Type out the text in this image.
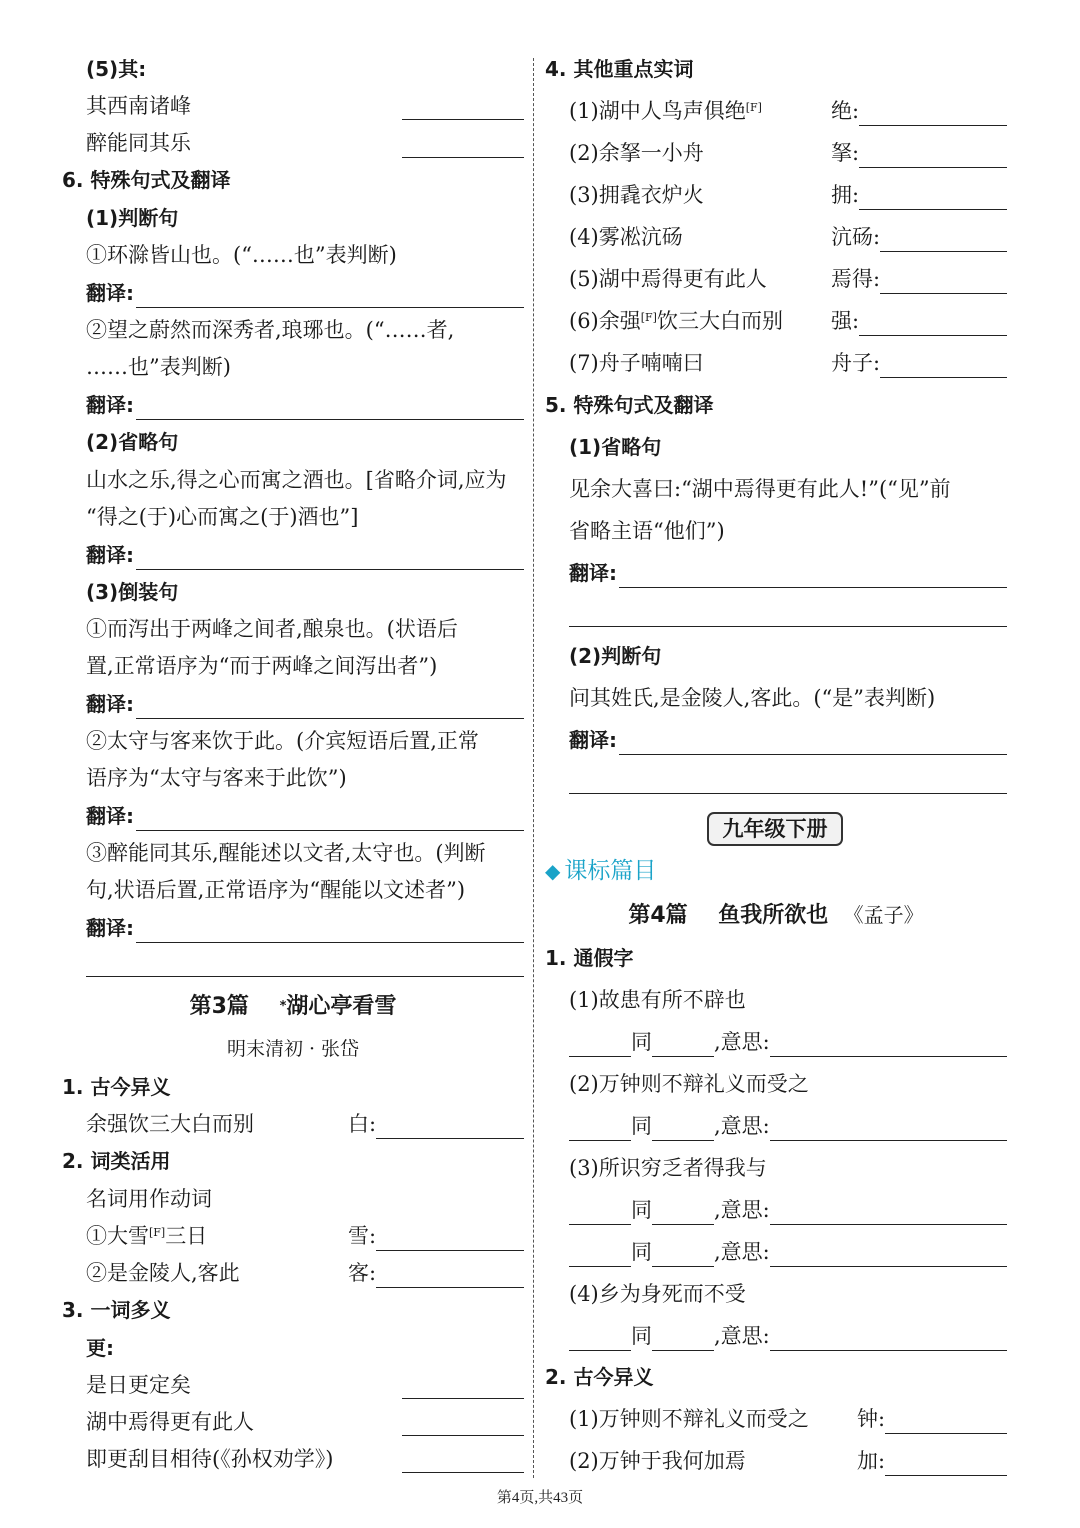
(5)其:
其西南诸峰
醉能同其乐
6. 特殊句式及翻译
(1)判断句
①环滁皆山也。(“……也”表判断)
翻译:
②望之蔚然而深秀者,琅琊也。(“……者,
……也”表判断)
翻译:
(2)省略句
山水之乐,得之心而寓之酒也。[省略介词,应为
“得之(于)心而寓之(于)酒也”]
翻译:
(3)倒装句
①而泻出于两峰之间者,酿泉也。(状语后
置,正常语序为“而于两峰之间泻出者”)
翻译:
②太守与客来饮于此。(介宾短语后置,正常
语序为“太守与客来于此饮”)
翻译:
③醉能同其乐,醒能述以文者,太守也。(判断
句,状语后置,正常语序为“醒能以文述者”)
翻译:
第3篇 *湖心亭看雪
明末清初 · 张岱
1. 古今异义
余强饮三大白而别	白:
2. 词类活用
名词用作动词
①大雪[F]三日	雪:
②是金陵人,客此	客:
3. 一词多义
更:
是日更定矣
湖中焉得更有此人
即更刮目相待(《孙权劝学》)
4. 其他重点实词
(1)湖中人鸟声俱绝[F]	绝:
(2)余拏一小舟	拏:
(3)拥毳衣炉火	拥:
(4)雾凇沆砀	沆砀:
(5)湖中焉得更有此人	焉得:
(6)余强[F]饮三大白而别	强:
(7)舟子喃喃曰	舟子:
5. 特殊句式及翻译
(1)省略句
见余大喜曰:“湖中焉得更有此人!”(“见”前
省略主语“他们”)
翻译:
(2)判断句
问其姓氏,是金陵人,客此。(“是”表判断)
翻译:
九年级下册
◆ 课标篇目
第4篇 鱼我所欲也 《孟子》
1. 通假字
(1)故患有所不辟也
同	,意思:
(2)万钟则不辩礼义而受之
同	,意思:
(3)所识穷乏者得我与
同	,意思:
同	,意思:
(4)乡为身死而不受
同	,意思:
2. 古今异义
(1)万钟则不辩礼义而受之	钟:
(2)万钟于我何加焉	加:
第4页,共43页
